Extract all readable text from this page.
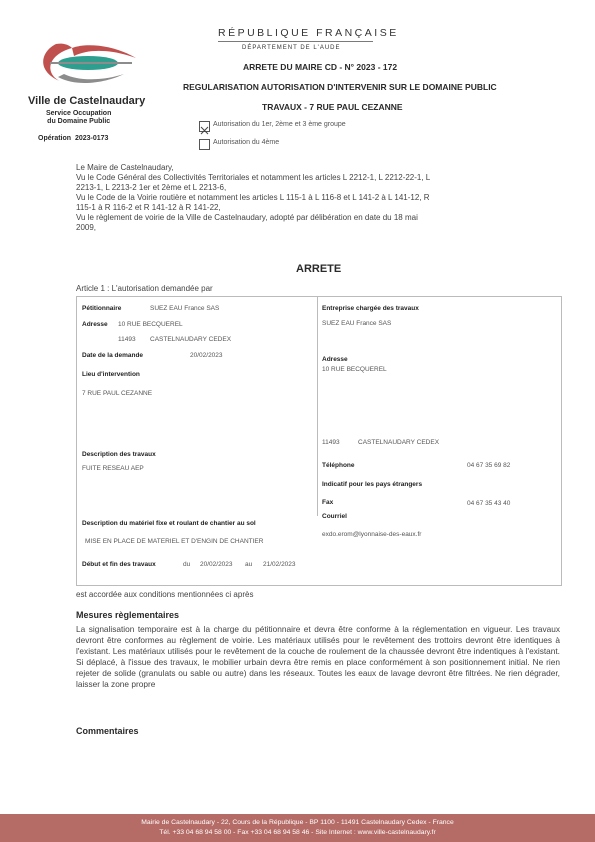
Ville de Castelnaudary
Service Occupation
du Domaine Public
Opération 2023-0173
RÉPUBLIQUE FRANÇAISE
DÉPARTEMENT DE L'AUDE
ARRETE DU MAIRE CD - N° 2023 - 172
REGULARISATION AUTORISATION D'INTERVENIR SUR LE DOMAINE PUBLIC
TRAVAUX - 7 RUE PAUL CEZANNE
Autorisation du 1er, 2ème et 3 ème groupe
Autorisation du 4ème
Le Maire de Castelnaudary,
Vu le Code Général des Collectivités Territoriales et notamment les articles L 2212-1, L 2212-22-1, L
2213-1, L 2213-2 1er et 2ème et L 2213-6,
Vu le Code de la Voirie routière et notamment les articles L 115-1 à L 116-8 et L 141-2 à L 141-12, R
115-1 à R 116-2 et R 141-12 à R 141-22,
Vu le règlement de voirie de la Ville de Castelnaudary, adopté par délibération en date du 18 mai
2009,
ARRETE
Article 1 : L'autorisation demandée par
Pétitionnaire	SUEZ EAU France SAS
Adresse 10 RUE BECQUEREL
11493 CASTELNAUDARY CEDEX
Date de la demande	20/02/2023
Lieu d'intervention
7 RUE PAUL CEZANNE
Description des travaux
FUITE RESEAU AEP
Description du matériel fixe et roulant de chantier au sol
MISE EN PLACE DE MATERIEL ET D'ENGIN DE CHANTIER
Début et fin des travaux	du 20/02/2023 au 21/02/2023
Entreprise chargée des travaux
SUEZ EAU France SAS
Adresse
10 RUE BECQUEREL
11493	CASTELNAUDARY CEDEX
Téléphone	04 67 35 69 82
Indicatif pour les pays étrangers
Fax	04 67 35 43 40
Courriel
exdo.erom@lyonnaise-des-eaux.fr
est accordée aux conditions mentionnées ci après
Mesures règlementaires
La signalisation temporaire est à la charge du pétitionnaire et devra être conforme à la réglementation en vigueur. Les travaux devront être conformes au règlement de voirie. Les matériaux utilisés pour le revêtement des trottoirs devront être identiques à l'existant. Les matériaux utilisés pour le revêtement de la couche de roulement de la chaussée devront être indentiques à l'existant. Si déplacé, à l'issue des travaux, le mobilier urbain devra être remis en place conformément à son positionnement initial. Ne rien rejeter de solide (granulats ou sable ou autre) dans les réseaux. Toutes les eaux de lavage devront être filtrées. Ne rien dégrader, laisser la zone propre
Commentaires
Mairie de Castelnaudary - 22, Cours de la République - BP 1100 - 11491 Castelnaudary Cedex - France
Tél. +33 04 68 94 58 00 - Fax +33 04 68 94 58 46 - Site Internet : www.ville-castelnaudary.fr
